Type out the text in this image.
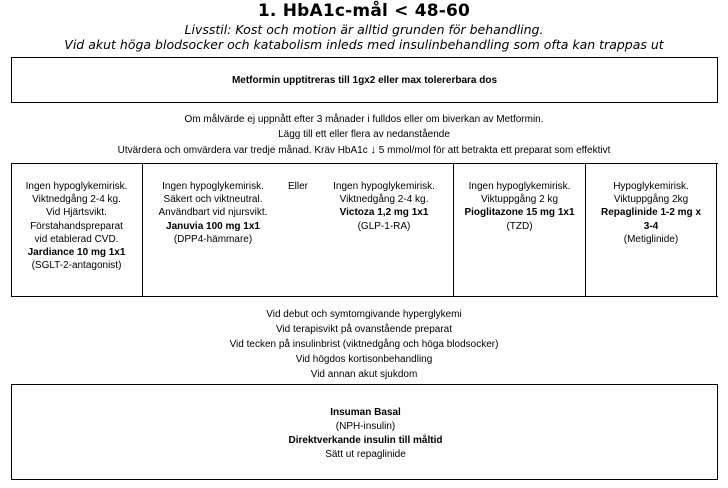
1. HbA1c-mål < 48-60
Livsstil: Kost och motion är alltid grunden för behandling.
Vid akut höga blodsocker och katabolism inleds med insulinbehandling som ofta kan trappas ut
Metformin upptitreras till 1gx2 eller max tolererbara dos
Om målvärde ej uppnått efter 3 månader i fulldos eller om biverkan av Metformin.
Lägg till ett eller flera av nedanstående
Utvärdera och omvärdera var tredje månad. Kräv HbA1c ↓ 5 mmol/mol för att betrakta ett preparat som effektivt
Ingen hypoglykemirisk.
Viktnedgång 2-4 kg.
Vid Hjärtsvikt.
Förstahandspreparat
vid etablerad CVD.
Jardiance 10 mg 1x1
(SGLT-2-antagonist)
Ingen hypoglykemirisk.
Säkert och viktneutral.
Användbart vid njursvikt.
Januvia 100 mg 1x1
(DPP4-hämmare)
Eller	Ingen hypoglykemirisk.
Viktnedgång 2-4 kg.
Victoza 1,2 mg 1x1
(GLP-1-RA)
Ingen hypoglykemirisk.
Viktuppgång 2 kg
Pioglitazone 15 mg 1x1
(TZD)
Hypoglykemirisk.
Viktuppgång 2kg
Repaglinide 1-2 mg x
3-4
(Metiglinide)
Vid debut och symtomgivande hyperglykemi
Vid terapisvikt på ovanstående preparat
Vid tecken på insulinbrist (viktnedgång och höga blodsocker)
Vid högdos kortisonbehandling
Vid annan akut sjukdom
Insuman Basal
(NPH-insulin)
Direktverkande insulin till måltid
Sätt ut repaglinide
